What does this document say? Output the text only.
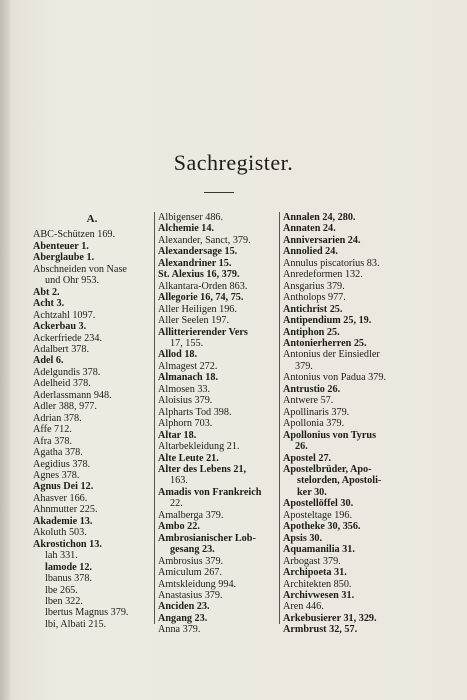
Sachregister.
A.
ABC-Schützen 169.
Abenteuer 1.
Aberglaube 1.
Abschneiden von Nase
und Ohr 953.
Abt 2.
Acht 3.
Achtzahl 1097.
Ackerbau 3.
Ackerfriede 234.
Adalbert 378.
Adel 6.
Adelgundis 378.
Adelheid 378.
Aderlassmann 948.
Adler 388, 977.
Adrian 378.
Affe 712.
Afra 378.
Agatha 378.
Aegidius 378.
Agnes 378.
Agnus Dei 12.
Ahasver 166.
Ahnmutter 225.
Akademie 13.
Akoluth 503.
Akrostichon 13.
lah 331.
lamode 12.
lbanus 378.
lbe 265.
lben 322.
lbertus Magnus 379.
lbi, Albati 215.
Albigenser 486.
Alchemie 14.
Alexander, Sanct, 379.
Alexandersage 15.
Alexandriner 15.
St. Alexius 16, 379.
Alkantara-Orden 863.
Allegorie 16, 74, 75.
Aller Heiligen 196.
Aller Seelen 197.
Allitterierender Vers
17, 155.
Allod 18.
Almagest 272.
Almanach 18.
Almosen 33.
Aloisius 379.
Alpharts Tod 398.
Alphorn 703.
Altar 18.
Altarbekleidung 21.
Alte Leute 21.
Alter des Lebens 21,
163.
Amadis von Frankreich
22.
Amalberga 379.
Ambo 22.
Ambrosianischer Lob-
gesang 23.
Ambrosius 379.
Amiculum 267.
Amtskleidung 994.
Anastasius 379.
Anciden 23.
Angang 23.
Anna 379.
Annalen 24, 280.
Annaten 24.
Anniversarien 24.
Annolied 24.
Annulus piscatorius 83.
Anredeformen 132.
Ansgarius 379.
Antholops 977.
Antichrist 25.
Antipendium 25, 19.
Antiphon 25.
Antonierherren 25.
Antonius der Einsiedler
379.
Antonius von Padua 379.
Antrustio 26.
Antwere 57.
Apollinaris 379.
Apollonia 379.
Apollonius von Tyrus
26.
Apostel 27.
Apostelbrüder, Apo-
stelorden, Apostoli-
ker 30.
Apostellöffel 30.
Aposteltage 196.
Apotheke 30, 356.
Apsis 30.
Aquamanilia 31.
Arbogast 379.
Archipoeta 31.
Architekten 850.
Archivwesen 31.
Aren 446.
Arkebusierer 31, 329.
Armbrust 32, 57.
